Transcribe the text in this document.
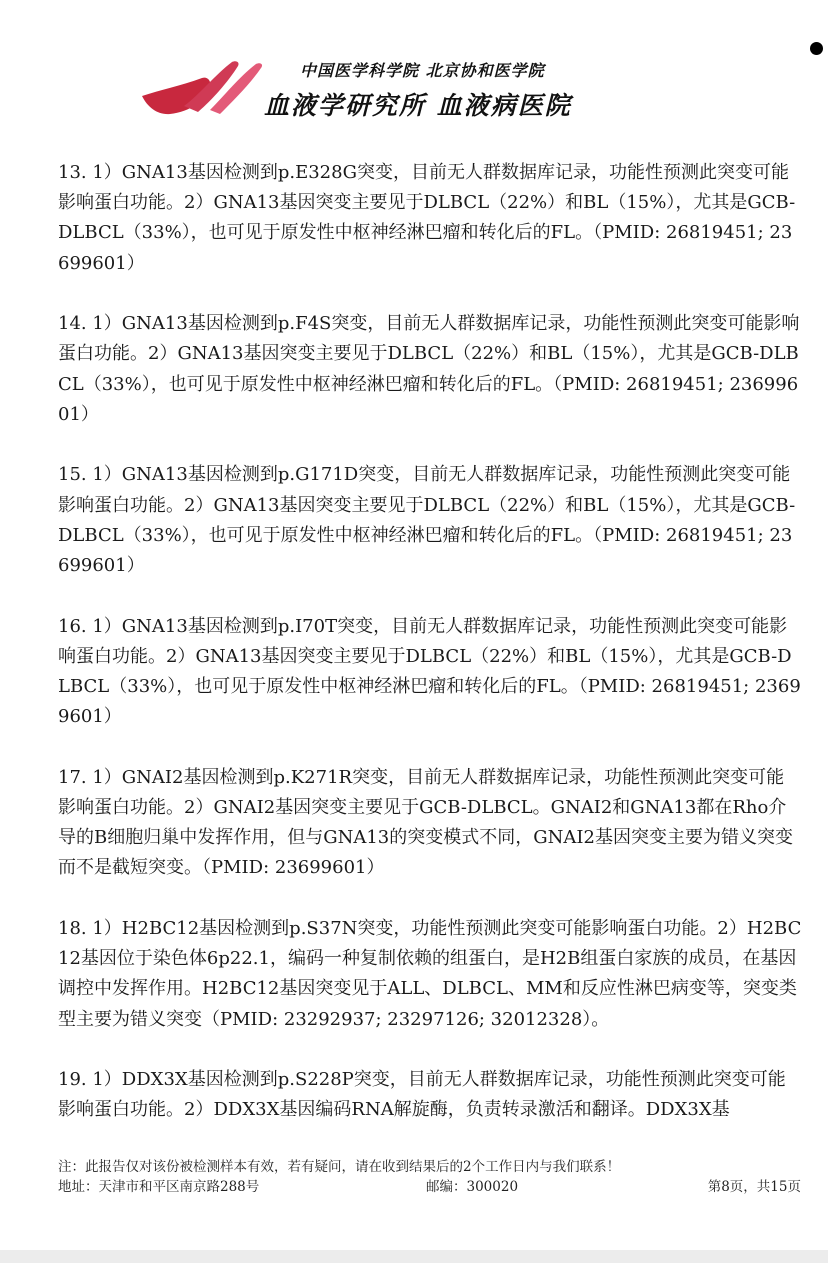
中国医学科学院 北京协和医学院
血液学研究所 血液病医院

13. 1）GNA13基因检测到p.E328G突变，目前无人群数据库记录，功能性预测此突变可能影响蛋白功能。2）GNA13基因突变主要见于DLBCL（22%）和BL（15%），尤其是GCB-DLBCL（33%），也可见于原发性中枢神经淋巴瘤和转化后的FL。（PMID: 26819451; 23699601）

14. 1）GNA13基因检测到p.F4S突变，目前无人群数据库记录，功能性预测此突变可能影响蛋白功能。2）GNA13基因突变主要见于DLBCL（22%）和BL（15%），尤其是GCB-DLBCL（33%），也可见于原发性中枢神经淋巴瘤和转化后的FL。（PMID: 26819451; 23699601）

15. 1）GNA13基因检测到p.G171D突变，目前无人群数据库记录，功能性预测此突变可能影响蛋白功能。2）GNA13基因突变主要见于DLBCL（22%）和BL（15%），尤其是GCB-DLBCL（33%），也可见于原发性中枢神经淋巴瘤和转化后的FL。（PMID: 26819451; 23699601）

16. 1）GNA13基因检测到p.I70T突变，目前无人群数据库记录，功能性预测此突变可能影响蛋白功能。2）GNA13基因突变主要见于DLBCL（22%）和BL（15%），尤其是GCB-DLBCL（33%），也可见于原发性中枢神经淋巴瘤和转化后的FL。（PMID: 26819451; 23699601）

17. 1）GNAI2基因检测到p.K271R突变，目前无人群数据库记录，功能性预测此突变可能影响蛋白功能。2）GNAI2基因突变主要见于GCB-DLBCL。GNAI2和GNA13都在Rho介导的B细胞归巢中发挥作用，但与GNA13的突变模式不同，GNAI2基因突变主要为错义突变而不是截短突变。（PMID: 23699601）

18. 1）H2BC12基因检测到p.S37N突变，功能性预测此突变可能影响蛋白功能。2）H2BC12基因位于染色体6p22.1，编码一种复制依赖的组蛋白，是H2B组蛋白家族的成员，在基因调控中发挥作用。H2BC12基因突变见于ALL、DLBCL、MM和反应性淋巴病变等，突变类型主要为错义突变（PMID: 23292937; 23297126; 32012328）。

19. 1）DDX3X基因检测到p.S228P突变，目前无人群数据库记录，功能性预测此突变可能影响蛋白功能。2）DDX3X基因编码RNA解旋酶，负责转录激活和翻译。DDX3X基

注：此报告仅对该份被检测样本有效，若有疑问，请在收到结果后的2个工作日内与我们联系！
地址：天津市和平区南京路288号	邮编：300020	第8页，共15页
